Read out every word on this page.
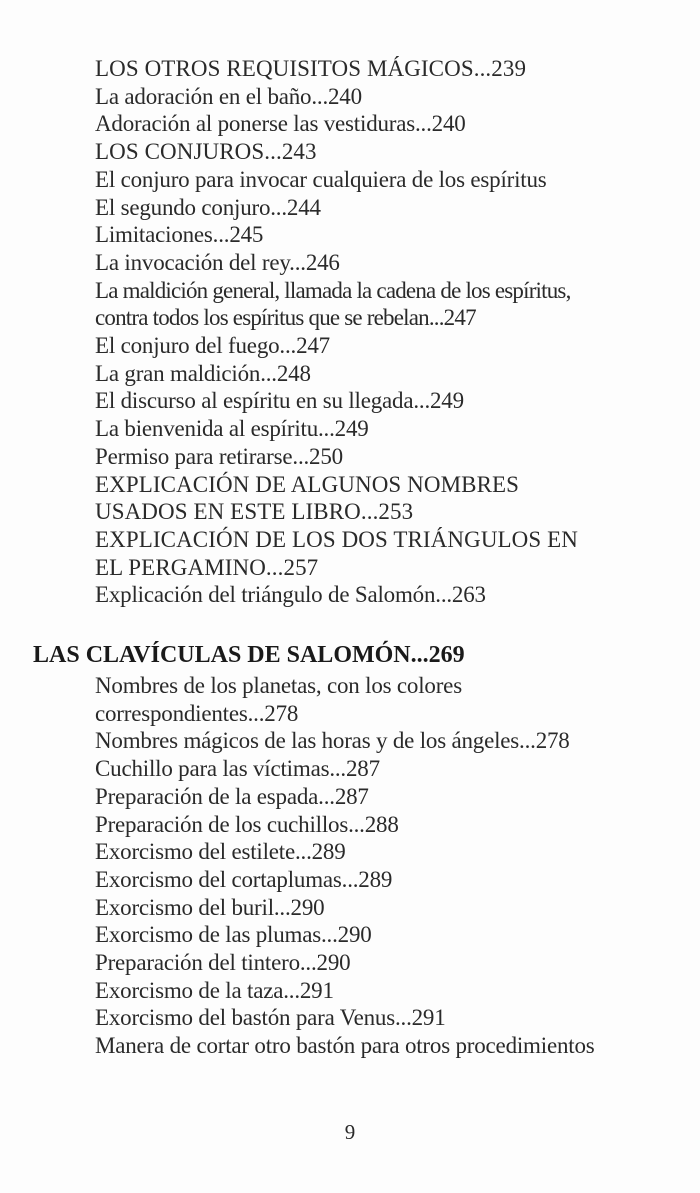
LOS OTROS REQUISITOS MÁGICOS...239
La adoración en el baño...240
Adoración al ponerse las vestiduras...240
LOS CONJUROS...243
El conjuro para invocar cualquiera de los espíritus
El segundo conjuro...244
Limitaciones...245
La invocación del rey...246
La maldición general, llamada la cadena de los espíritus,
contra todos los espíritus que se rebelan...247
El conjuro del fuego...247
La gran maldición...248
El discurso al espíritu en su llegada...249
La bienvenida al espíritu...249
Permiso para retirarse...250
EXPLICACIÓN DE ALGUNOS NOMBRES
USADOS EN ESTE LIBRO...253
EXPLICACIÓN DE LOS DOS TRIÁNGULOS EN
EL PERGAMINO...257
Explicación del triángulo de Salomón...263
LAS CLAVÍCULAS DE SALOMÓN...269
Nombres de los planetas, con los colores
correspondientes...278
Nombres mágicos de las horas y de los ángeles...278
Cuchillo para las víctimas...287
Preparación de la espada...287
Preparación de los cuchillos...288
Exorcismo del estilete...289
Exorcismo del cortaplumas...289
Exorcismo del buril...290
Exorcismo de las plumas...290
Preparación del tintero...290
Exorcismo de la taza...291
Exorcismo del bastón para Venus...291
Manera de cortar otro bastón para otros procedimientos
9
